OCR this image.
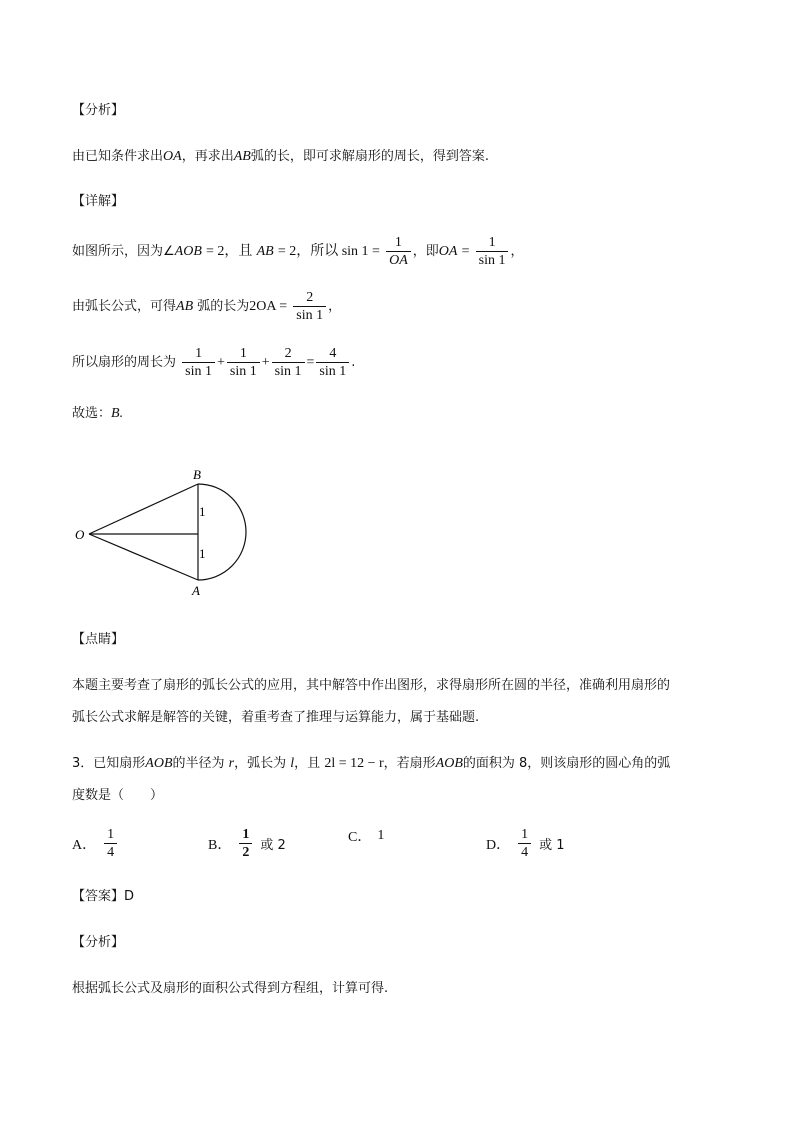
【分析】
由已知条件求出OA，再求出AB弧的长，即可求解扇形的周长，得到答案.
【详解】
如图所示，因为∠AOB = 2，且 AB = 2，所以 $\sin 1 = \frac{1}{OA}$ ，即OA = $\frac{1}{\sin 1}$ ，
由弧长公式，可得AB 弧的长为$2OA = \frac{2}{\sin 1}$ ，
所以扇形的周长为 $\frac{1}{\sin 1} + \frac{1}{\sin 1} + \frac{2}{\sin 1} = \frac{4}{\sin 1}$ .
故选：B.
B
O
A
1
1
【点睛】
本题主要考查了扇形的弧长公式的应用，其中解答中作出图形，求得扇形所在圆的半径，准确利用扇形的
弧长公式求解是解答的关键，着重考查了推理与运算能力，属于基础题.
3．已知扇形AOB的半径为 r，弧长为 l，且 2l = 12 − r，若扇形AOB的面积为 8，则该扇形的圆心角的弧
度数是（　　）
A． $\frac{1}{4}$	B． $\frac{1}{2}$ 或 2
C． 1
D． $\frac{1}{4}$ 或 1
【答案】D
【分析】
根据弧长公式及扇形的面积公式得到方程组，计算可得.
